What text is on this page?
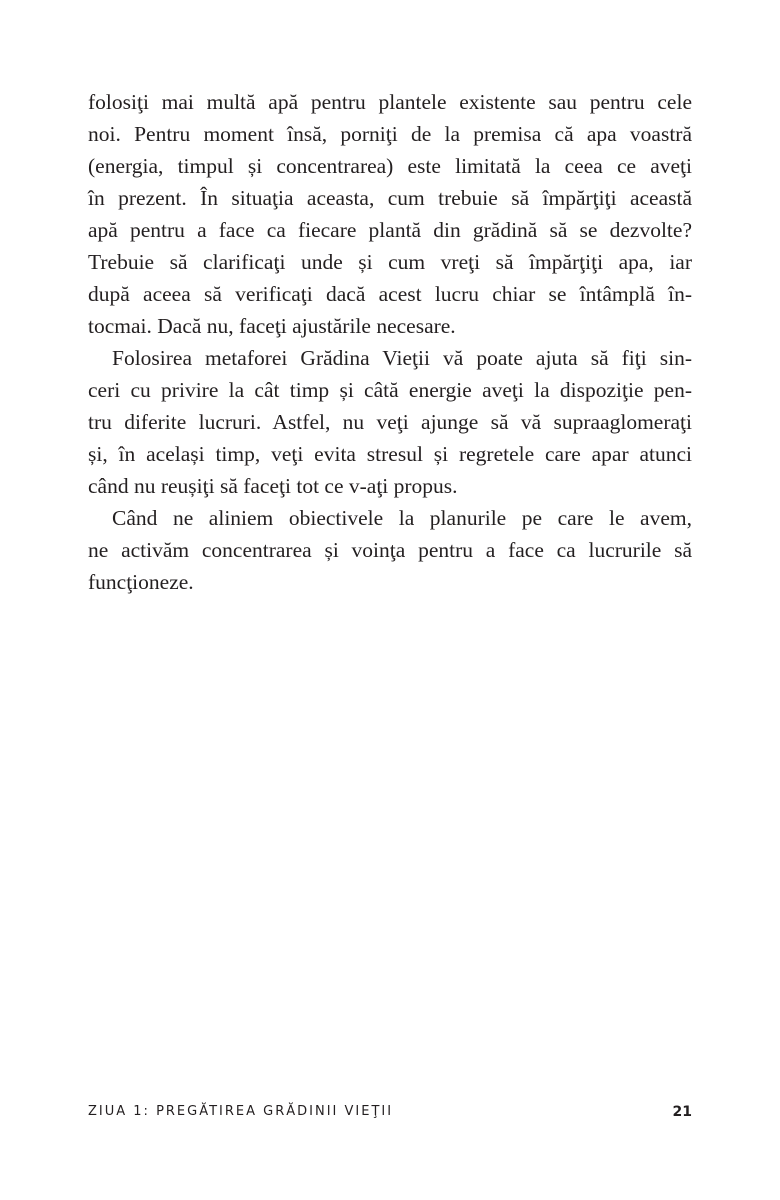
folosiţi mai multă apă pentru plantele existente sau pentru cele
noi. Pentru moment însă, porniţi de la premisa că apa voastră
(energia, timpul și concentrarea) este limitată la ceea ce aveţi
în prezent. În situaţia aceasta, cum trebuie să împărţiţi această
apă pentru a face ca fiecare plantă din grădină să se dezvolte?
Trebuie să clarificaţi unde și cum vreţi să împărţiţi apa, iar
după aceea să verificaţi dacă acest lucru chiar se întâmplă în-
tocmai. Dacă nu, faceţi ajustările necesare.
Folosirea metaforei Grădina Vieţii vă poate ajuta să fiţi sin-
ceri cu privire la cât timp și câtă energie aveţi la dispoziţie pen-
tru diferite lucruri. Astfel, nu veţi ajunge să vă supraaglomeraţi
și, în același timp, veţi evita stresul și regretele care apar atunci
când nu reușiţi să faceţi tot ce v-aţi propus.
Când ne aliniem obiectivele la planurile pe care le avem,
ne activăm concentrarea și voinţa pentru a face ca lucrurile să
funcţioneze.
ZIUA 1: PREGĂTIREA GRĂDINII VIEŢII	21
